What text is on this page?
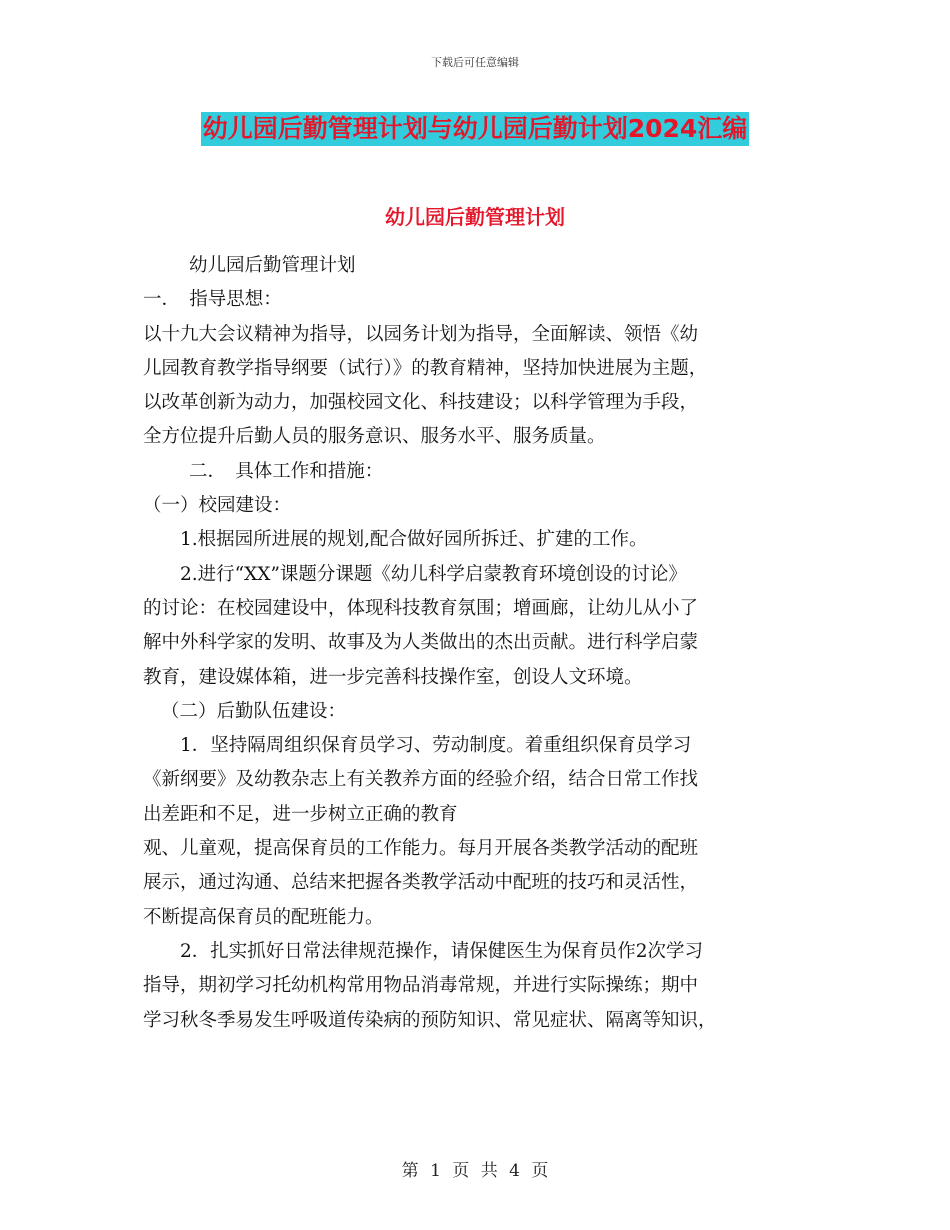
下载后可任意编辑
幼儿园后勤管理计划与幼儿园后勤计划2024汇编
幼儿园后勤管理计划
幼儿园后勤管理计划
一．　指导思想：
以十九大会议精神为指导，以园务计划为指导，全面解读、领悟《幼
儿园教育教学指导纲要（试行）》的教育精神，坚持加快进展为主题，
以改革创新为动力，加强校园文化、科技建设；以科学管理为手段，
全方位提升后勤人员的服务意识、服务水平、服务质量。
二．　具体工作和措施：
（一）校园建设：
1.根据园所进展的规划,配合做好园所拆迁、扩建的工作。
2.进行“XX”课题分课题《幼儿科学启蒙教育环境创设的讨论》
的讨论：在校园建设中，体现科技教育氛围；增画廊，让幼儿从小了
解中外科学家的发明、故事及为人类做出的杰出贡献。进行科学启蒙
教育，建设媒体箱，进一步完善科技操作室，创设人文环境。
（二）后勤队伍建设：
1．坚持隔周组织保育员学习、劳动制度。着重组织保育员学习
《新纲要》及幼教杂志上有关教养方面的经验介绍，结合日常工作找
出差距和不足，进一步树立正确的教育
观、儿童观，提高保育员的工作能力。每月开展各类教学活动的配班
展示，通过沟通、总结来把握各类教学活动中配班的技巧和灵活性，
不断提高保育员的配班能力。
2．扎实抓好日常法律规范操作，请保健医生为保育员作2次学习
指导，期初学习托幼机构常用物品消毒常规，并进行实际操练；期中
学习秋冬季易发生呼吸道传染病的预防知识、常见症状、隔离等知识，
第 1 页 共 4 页
